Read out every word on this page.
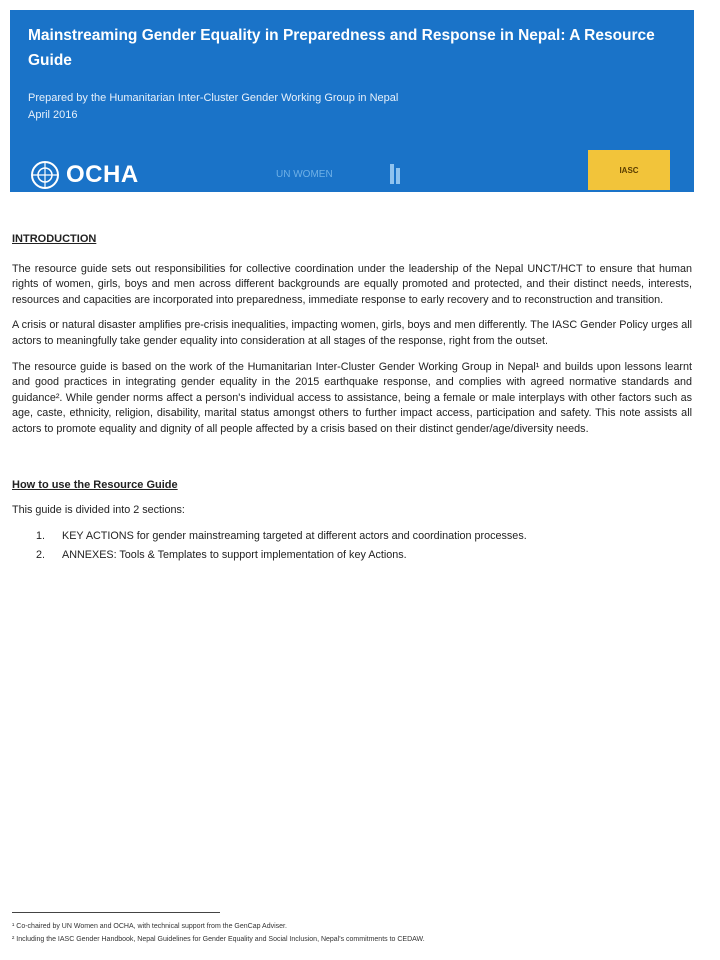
Mainstreaming Gender Equality in Preparedness and Response in Nepal: A Resource Guide
Prepared by the Humanitarian Inter-Cluster Gender Working Group in Nepal
April 2016
OCHA	UN WOMEN	IASC
INTRODUCTION

The resource guide sets out responsibilities for collective coordination under the leadership of the Nepal UNCT/HCT to ensure that human rights of women, girls, boys and men across different backgrounds are equally promoted and protected, and their distinct needs, interests, resources and capacities are incorporated into preparedness, immediate response to early recovery and to reconstruction and transition.

A crisis or natural disaster amplifies pre-crisis inequalities, impacting women, girls, boys and men differently. The IASC Gender Policy urges all actors to meaningfully take gender equality into consideration at all stages of the response, right from the outset.

The resource guide is based on the work of the Humanitarian Inter-Cluster Gender Working Group in Nepal¹ and builds upon lessons learnt and good practices in integrating gender equality in the 2015 earthquake response, and complies with agreed normative standards and guidance². While gender norms affect a person's individual access to assistance, being a female or male interplays with other factors such as age, caste, ethnicity, religion, disability, marital status amongst others to further impact access, participation and safety. This note assists all actors to promote equality and dignity of all people affected by a crisis based on their distinct gender/age/diversity needs.

How to use the Resource Guide
This guide is divided into 2 sections:
1.	KEY ACTIONS for gender mainstreaming targeted at different actors and coordination processes.
2.	ANNEXES: Tools & Templates to support implementation of key Actions.
¹ Co-chaired by UN Women and OCHA, with technical support from the GenCap Adviser.
² Including the IASC Gender Handbook, Nepal Guidelines for Gender Equality and Social Inclusion, Nepal's commitments to CEDAW.
